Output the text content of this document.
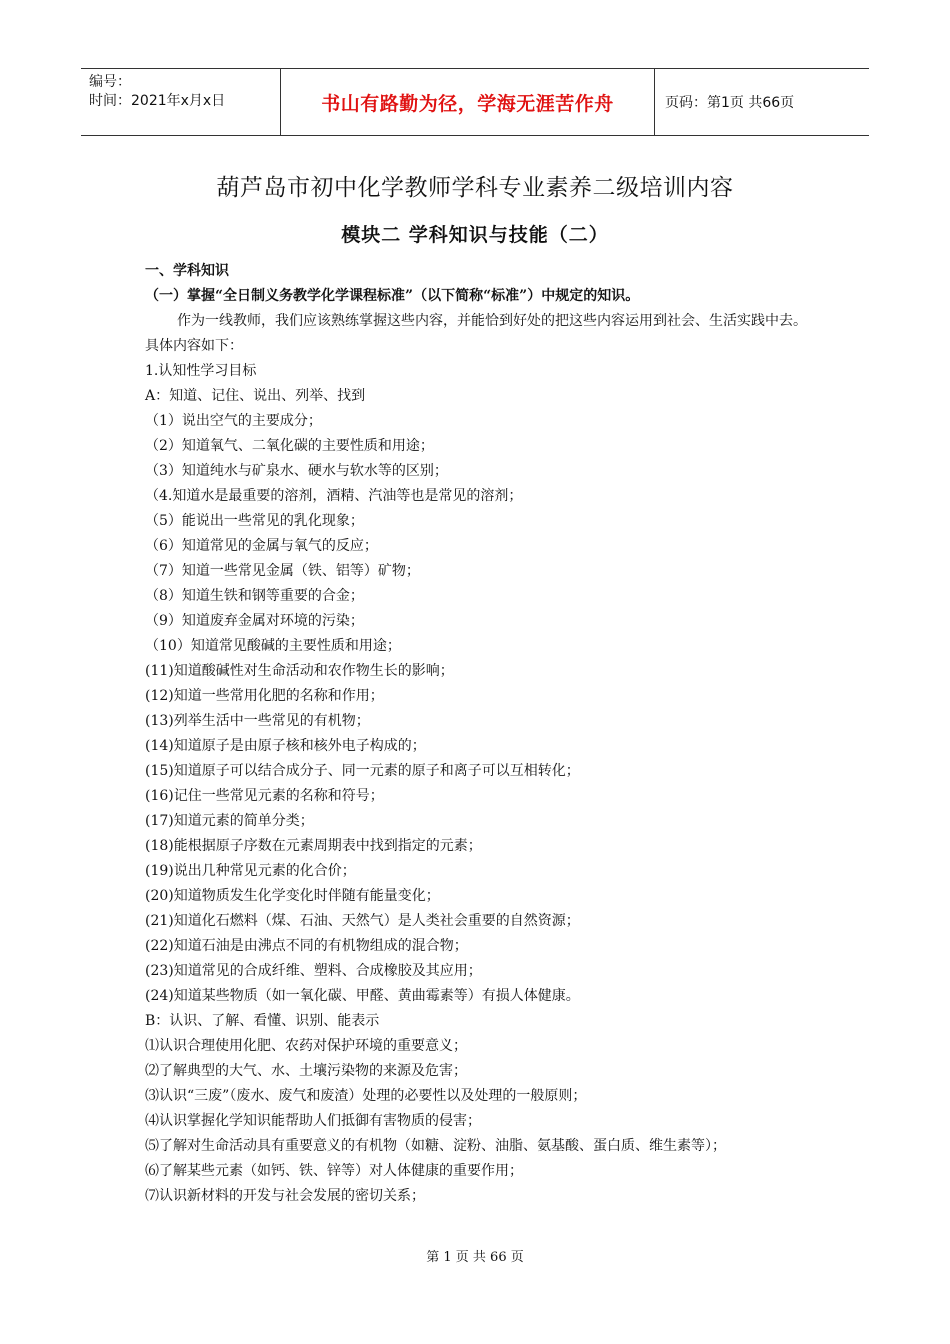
编号：
时间：2021年x月x日	书山有路勤为径，学海无涯苦作舟	页码：第1页 共66页
葫芦岛市初中化学教师学科专业素养二级培训内容
模块二 学科知识与技能（二）
一、学科知识
（一）掌握“全日制义务教学化学课程标准”（以下简称“标准”）中规定的知识。
作为一线教师，我们应该熟练掌握这些内容，并能恰到好处的把这些内容运用到社会、生活实践中去。具体内容如下：
1.认知性学习目标
A：知道、记住、说出、列举、找到
（1）说出空气的主要成分；
（2）知道氧气、二氧化碳的主要性质和用途；
（3）知道纯水与矿泉水、硬水与软水等的区别；
（4.知道水是最重要的溶剂，酒精、汽油等也是常见的溶剂；
（5）能说出一些常见的乳化现象；
（6）知道常见的金属与氧气的反应；
（7）知道一些常见金属（铁、铝等）矿物；
（8）知道生铁和钢等重要的合金；
（9）知道废弃金属对环境的污染；
（10）知道常见酸碱的主要性质和用途；
(11)知道酸碱性对生命活动和农作物生长的影响；
(12)知道一些常用化肥的名称和作用；
(13)列举生活中一些常见的有机物；
(14)知道原子是由原子核和核外电子构成的；
(15)知道原子可以结合成分子、同一元素的原子和离子可以互相转化；
(16)记住一些常见元素的名称和符号；
(17)知道元素的简单分类；
(18)能根据原子序数在元素周期表中找到指定的元素；
(19)说出几种常见元素的化合价；
(20)知道物质发生化学变化时伴随有能量变化；
(21)知道化石燃料（煤、石油、天然气）是人类社会重要的自然资源；
(22)知道石油是由沸点不同的有机物组成的混合物；
(23)知道常见的合成纤维、塑料、合成橡胶及其应用；
(24)知道某些物质（如一氧化碳、甲醛、黄曲霉素等）有损人体健康。
B：认识、了解、看懂、识别、能表示
⑴认识合理使用化肥、农药对保护环境的重要意义；
⑵了解典型的大气、水、土壤污染物的来源及危害；
⑶认识“三废”（废水、废气和废渣）处理的必要性以及处理的一般原则；
⑷认识掌握化学知识能帮助人们抵御有害物质的侵害；
⑸了解对生命活动具有重要意义的有机物（如糖、淀粉、油脂、氨基酸、蛋白质、维生素等）；
⑹了解某些元素（如钙、铁、锌等）对人体健康的重要作用；
⑺认识新材料的开发与社会发展的密切关系；
第 1 页 共 66 页
